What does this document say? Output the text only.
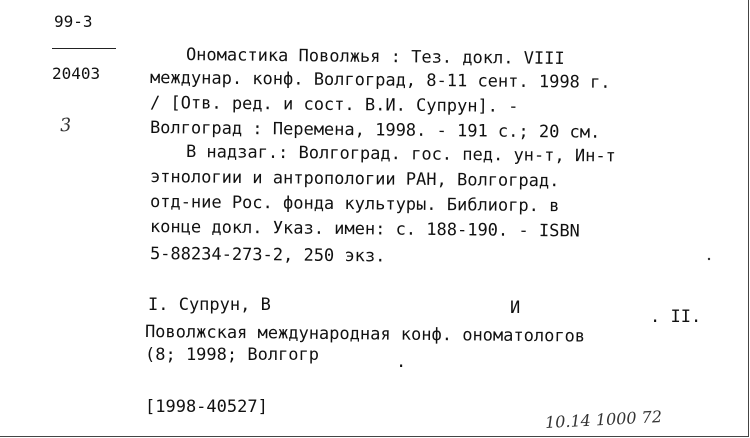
99-3
20403
3
Ономастика Поволжья : Тез. докл. VIII
междунар. конф. Волгоград, 8-11 сент. 1998 г.
/ [Отв. ред. и сост. В.И. Супрун]. -
Волгоград : Перемена, 1998. - 191 с.; 20 см.
В надзаг.: Волгоград. гос. пед. ун-т, Ин-т
этнологии и антропологии РАН, Волгоград.
отд-ние Рос. фонда культуры. Библиогр. в
конце докл. Указ. имен: с. 188-190. - ISBN
5-88234-273-2, 250 экз.
I. Супрун, В	И	. II.
Поволжская международная конф. ономатологов
(8; 1998; Волгогр	.
[1998-40527]	10.14 1000 72
